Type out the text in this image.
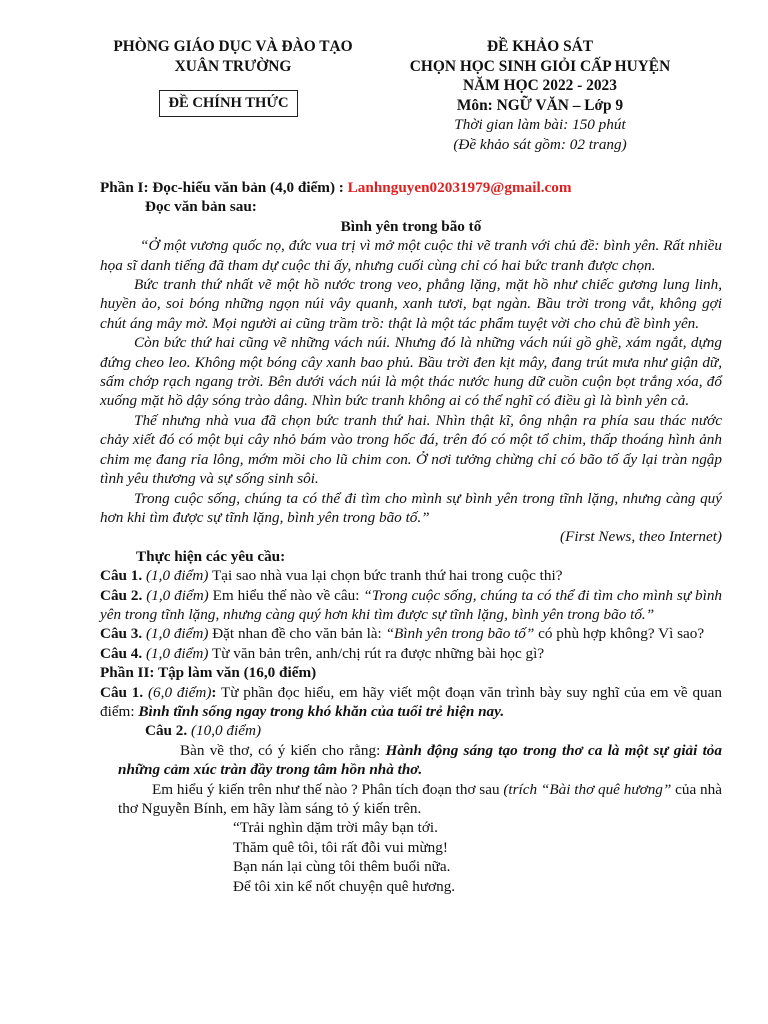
PHÒNG GIÁO DỤC VÀ ĐÀO TẠO
XUÂN TRƯỜNG
ĐỀ CHÍNH THỨC
ĐỀ KHẢO SÁT
CHỌN HỌC SINH GIỎI CẤP HUYỆN
NĂM HỌC 2022 - 2023
Môn: NGỮ VĂN – Lớp 9
Thời gian làm bài: 150 phút
(Đề khảo sát gồm: 02 trang)

Phần I: Đọc-hiểu văn bản (4,0 điểm) : Lanhnguyen02031979@gmail.com

Đọc văn bản sau:

Bình yên trong bão tố

“Ở một vương quốc nọ, đức vua trị vì mở một cuộc thi vẽ tranh với chủ đề: bình yên. Rất nhiều họa sĩ danh tiếng đã tham dự cuộc thi ấy, nhưng cuối cùng chỉ có hai bức tranh được chọn.

Bức tranh thứ nhất vẽ một hồ nước trong veo, phẳng lặng, mặt hồ như chiếc gương lung linh, huyền ảo, soi bóng những ngọn núi vây quanh, xanh tươi, bạt ngàn. Bầu trời trong vắt, không gợi chút áng mây mờ. Mọi người ai cũng trầm trồ: thật là một tác phẩm tuyệt vời cho chủ đề bình yên.

Còn bức thứ hai cũng vẽ những vách núi. Nhưng đó là những vách núi gồ ghề, xám ngắt, dựng đứng cheo leo. Không một bóng cây xanh bao phủ. Bầu trời đen kịt mây, đang trút mưa như giận dữ, sấm chớp rạch ngang trời. Bên dưới vách núi là một thác nước hung dữ cuồn cuộn bọt trắng xóa, đổ xuống mặt hồ dậy sóng trào dâng. Nhìn bức tranh không ai có thể nghĩ có điều gì là bình yên cả.

Thế nhưng nhà vua đã chọn bức tranh thứ hai. Nhìn thật kĩ, ông nhận ra phía sau thác nước chảy xiết đó có một bụi cây nhỏ bám vào trong hốc đá, trên đó có một tổ chim, thấp thoáng hình ảnh chim mẹ đang rỉa lông, mớm mồi cho lũ chim con. Ở nơi tưởng chừng chỉ có bão tố ấy lại tràn ngập tình yêu thương và sự sống sinh sôi.

Trong cuộc sống, chúng ta có thể đi tìm cho mình sự bình yên trong tĩnh lặng, nhưng càng quý hơn khi tìm được sự tĩnh lặng, bình yên trong bão tố.”

(First News, theo Internet)

Thực hiện các yêu cầu:

Câu 1. (1,0 điểm) Tại sao nhà vua lại chọn bức tranh thứ hai trong cuộc thi?

Câu 2. (1,0 điểm) Em hiểu thế nào về câu: “Trong cuộc sống, chúng ta có thể đi tìm cho mình sự bình yên trong tĩnh lặng, nhưng càng quý hơn khi tìm được sự tĩnh lặng, bình yên trong bão tố.”

Câu 3. (1,0 điểm) Đặt nhan đề cho văn bản là: “Bình yên trong bão tố” có phù hợp không? Vì sao?

Câu 4. (1,0 điểm) Từ văn bản trên, anh/chị rút ra được những bài học gì?

Phần II: Tập làm văn (16,0 điểm)

Câu 1. (6,0 điểm): Từ phần đọc hiểu, em hãy viết một đoạn văn trình bày suy nghĩ của em về quan điểm: Bình tĩnh sống ngay trong khó khăn của tuổi trẻ hiện nay.

Câu 2. (10,0 điểm)

Bàn về thơ, có ý kiến cho rằng: Hành động sáng tạo trong thơ ca là một sự giải tỏa những cảm xúc tràn đầy trong tâm hồn nhà thơ.

Em hiểu ý kiến trên như thế nào ? Phân tích đoạn thơ sau (trích “Bài thơ quê hương” của nhà thơ Nguyễn Bính, em hãy làm sáng tỏ ý kiến trên.

“Trải nghìn dặm trời mây bạn tới.

Thăm quê tôi, tôi rất đỗi vui mừng!

Bạn nán lại cùng tôi thêm buổi nữa.

Để tôi xin kể nốt chuyện quê hương.
